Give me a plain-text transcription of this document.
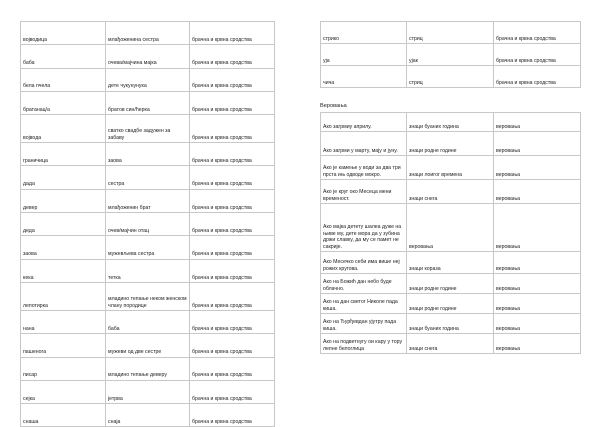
војводица	млађоженина сестра	брачна и крвна сродства
баба	очева/мајчина мајка	брачна и крвна сродства
бела пчела	дете чукунунука	брачна и крвна сродства
братанац/а	братов син/ћерка	брачна и крвна сродства
војвода	сватко свадбе задужен за забаву	брачна и крвна сродства
граничица	заова	брачна и крвна сродства
дада	сестра	брачна и крвна сродства
девер	млађоженин брат	брачна и крвна сродства
деда	очев/мајчин отац	брачна и крвна сродства
заова	мужевљева сестра	брачна и крвна сродства
кека	тетка	брачна и крвна сродства
лепотирка	младино тепање неком женском члану породице	брачна и крвна сродства
нана	баба	брачна и крвна сродства
пашенога	мужеви од две сестре	брачна и крвна сродства
писар	младино тепање деверу	брачна и крвна сродства
сејка	јетрва	брачна и крвна сродства
снаша	снаја	брачна и крвна сродства
стрико	стриц	брачна и крвна сродства
уја	ујак	брачна и крвна сродства
чича	стриц	брачна и крвна сродства
Веровања
Ако загрмиу априлу.	знаци буаних година	веровања
Ако загрми у марту, мају и јуну.	знаци родне године	веровања
Ако је камење у води за два три прста ињ одводе мокро.	знаци лоигог времена	веровања
Ако је круг око Месеца мени временост.	знаци снега	веровања
Ако мајка детету шалеа дуже на њиве му, дете мора да у зубина држи славку, да му се памет не сакрије.	веровања	веровања
Ако Месечко себи има више неј рожих кругова.	знаци кораза	веровања
Ако на Божић дан небо буде облачно.	знаци родне године	веровања
Ако на дан светог Николе пада киша.	знаци родне године	веровања
Ако на Ђурђевдан ујутру пада киша.	знаци буаних година	веровања
Ако на подветнугу ои кару у тору лепне белоглица	знаци снега	веровања
